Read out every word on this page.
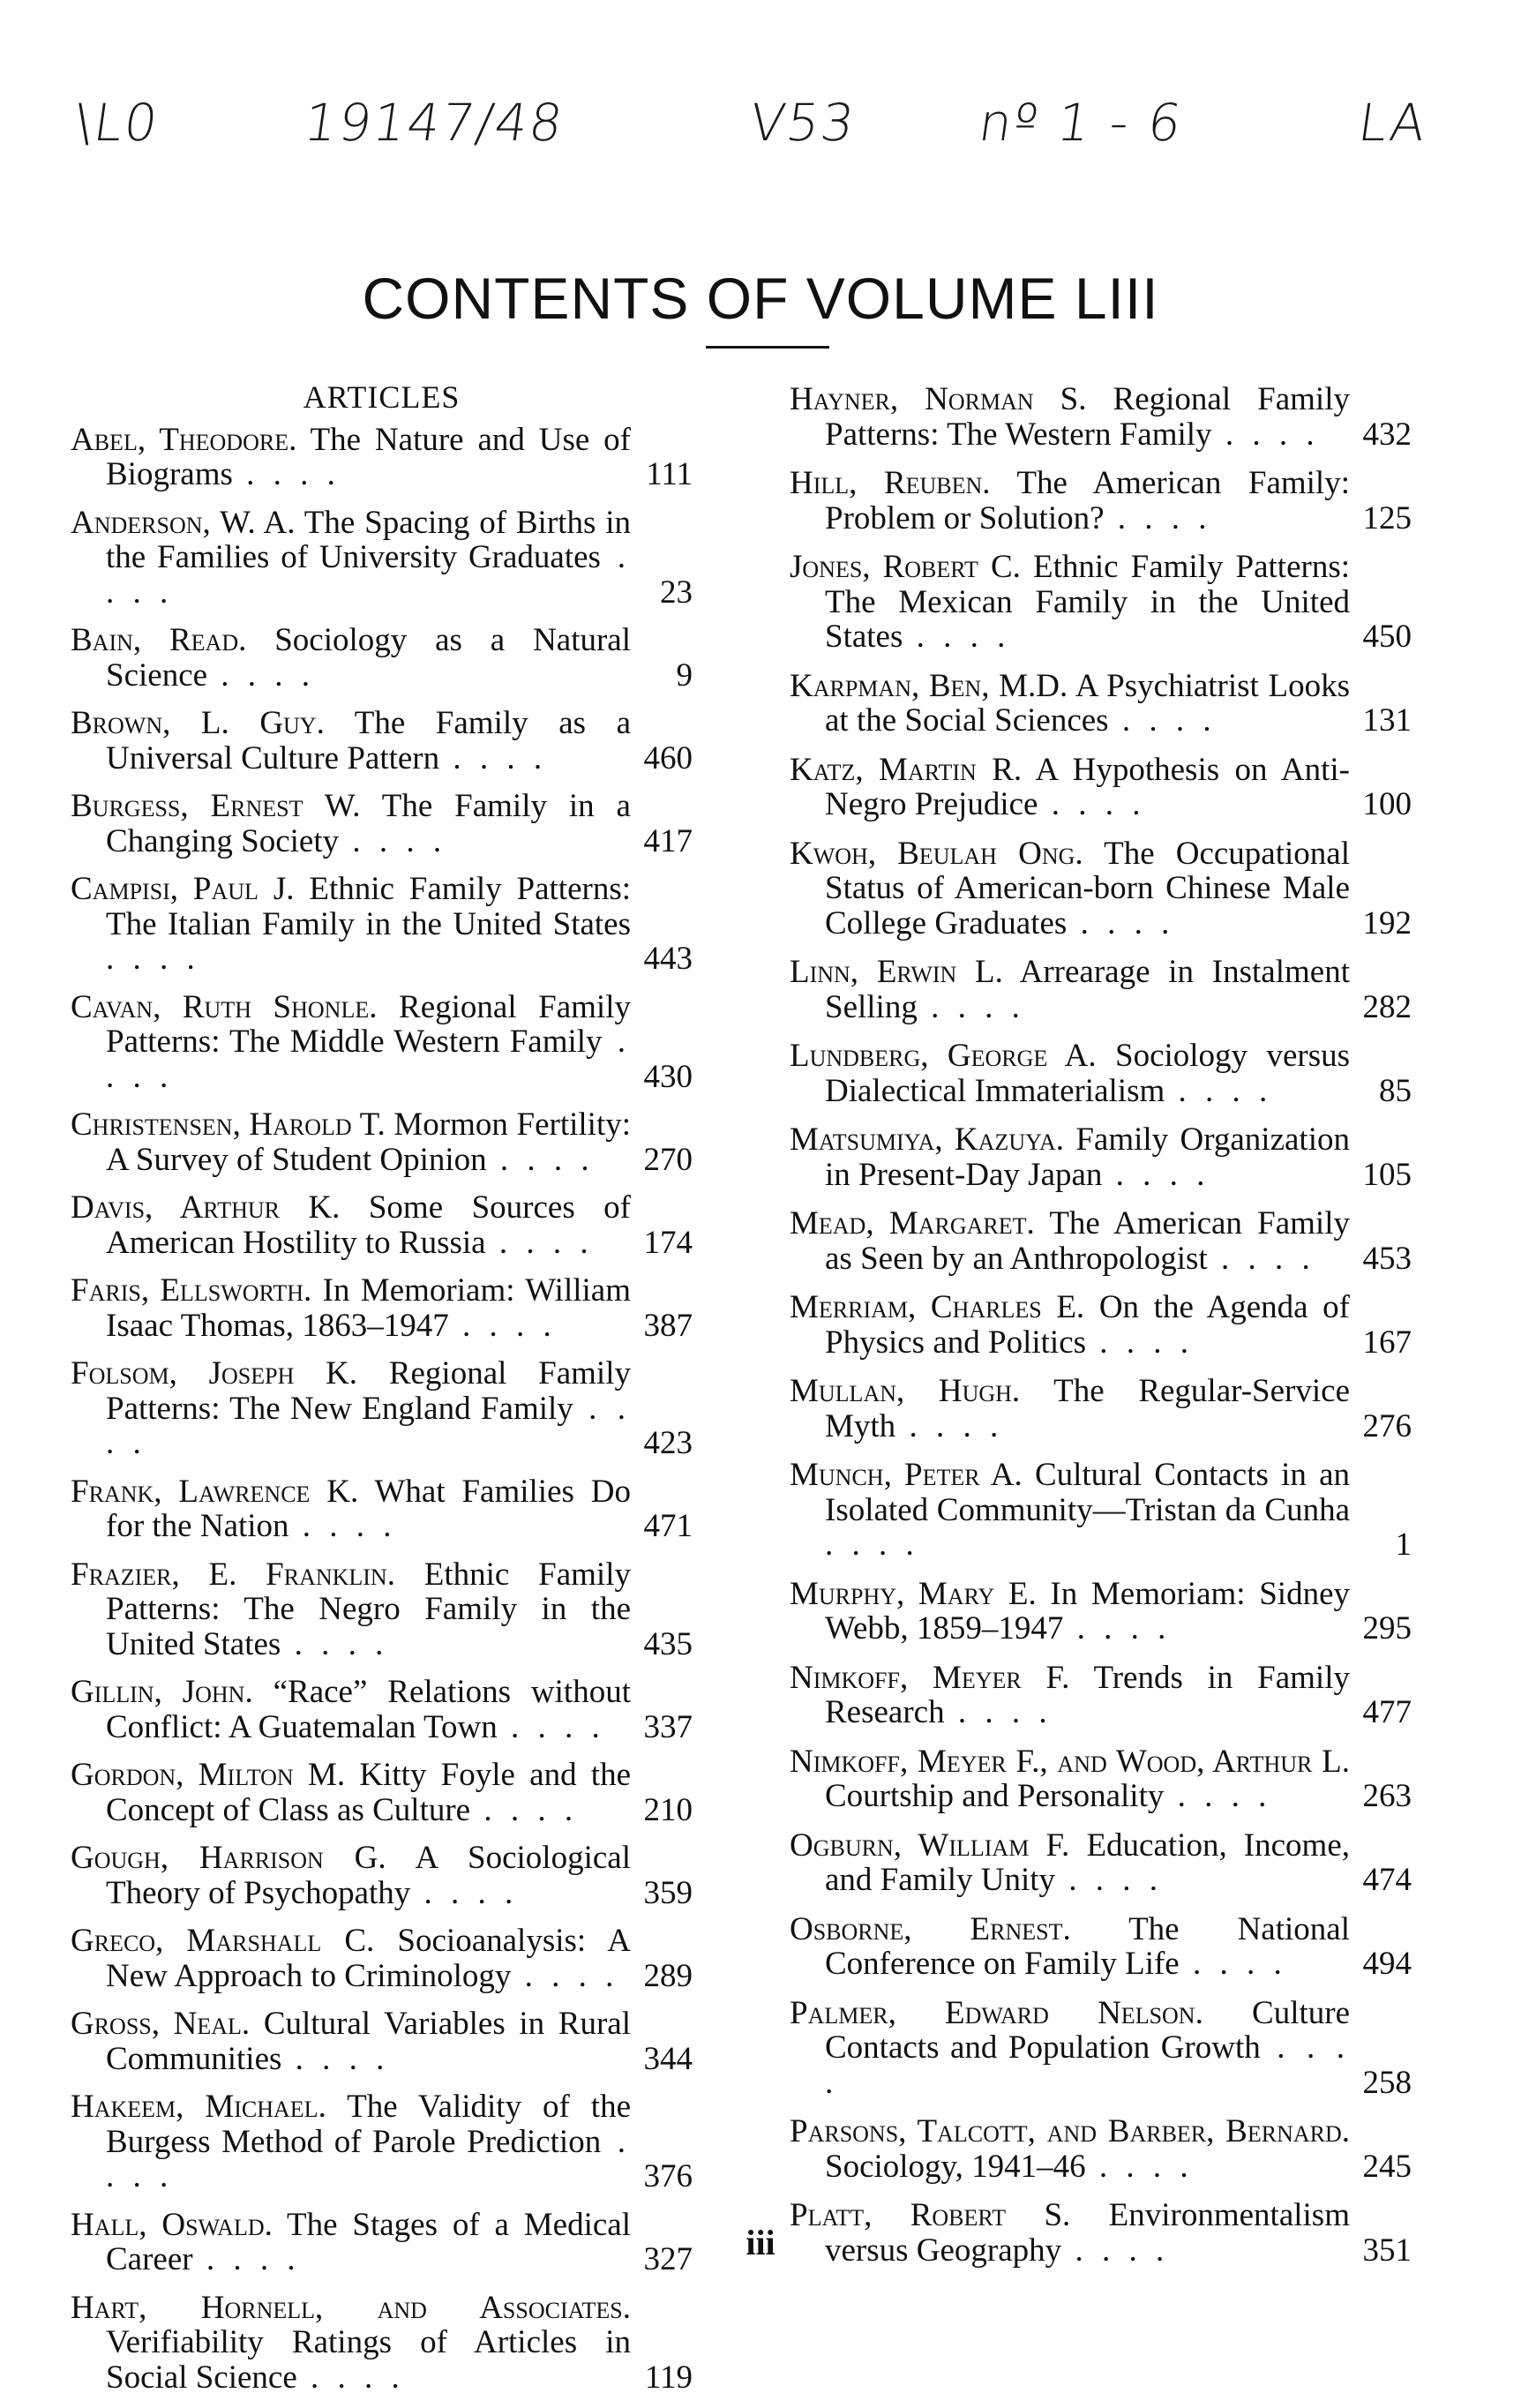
\L0	19147/48	V53 nº 1 - 6	LA
CONTENTS OF VOLUME LIII
ARTICLES
Abel, Theodore. The Nature and Use of Biograms . . . .	111
Anderson, W. A. The Spacing of Births in the Families of University Graduates . . . .	23
Bain, Read. Sociology as a Natural Science . . . .	9
Brown, L. Guy. The Family as a Universal Culture Pattern . . . .	460
Burgess, Ernest W. The Family in a Changing Society . . . .	417
Campisi, Paul J. Ethnic Family Patterns: The Italian Family in the United States . . . .	443
Cavan, Ruth Shonle. Regional Family Patterns: The Middle Western Family . . . .	430
Christensen, Harold T. Mormon Fertility: A Survey of Student Opinion . . . .	270
Davis, Arthur K. Some Sources of American Hostility to Russia . . . .	174
Faris, Ellsworth. In Memoriam: William Isaac Thomas, 1863–1947 . . . .	387
Folsom, Joseph K. Regional Family Patterns: The New England Family . . . .	423
Frank, Lawrence K. What Families Do for the Nation . . . .	471
Frazier, E. Franklin. Ethnic Family Patterns: The Negro Family in the United States . . . .	435
Gillin, John. “Race” Relations without Conflict: A Guatemalan Town . . . .	337
Gordon, Milton M. Kitty Foyle and the Concept of Class as Culture . . . .	210
Gough, Harrison G. A Sociological Theory of Psychopathy . . . .	359
Greco, Marshall C. Socioanalysis: A New Approach to Criminology . . . . 289
Gross, Neal. Cultural Variables in Rural Communities . . . .	344
Hakeem, Michael. The Validity of the Burgess Method of Parole Prediction . . . .	376
Hall, Oswald. The Stages of a Medical Career . . . .	327
Hart, Hornell, and Associates. Verifiability Ratings of Articles in Social Science . . . .	119
Hayner, Norman S. Regional Family Patterns: The Western Family . . . .	432
Hill, Reuben. The American Family: Problem or Solution? . . . .	125
Jones, Robert C. Ethnic Family Patterns: The Mexican Family in the United States . . . .	450
Karpman, Ben, M.D. A Psychiatrist Looks at the Social Sciences . . . .	131
Katz, Martin R. A Hypothesis on Anti-Negro Prejudice . . . .	100
Kwoh, Beulah Ong. The Occupational Status of American-born Chinese Male College Graduates . . . .	192
Linn, Erwin L. Arrearage in Instalment Selling . . . .	282
Lundberg, George A. Sociology versus Dialectical Immaterialism . . . .	85
Matsumiya, Kazuya. Family Organization in Present-Day Japan . . . .	105
Mead, Margaret. The American Family as Seen by an Anthropologist . . . .	453
Merriam, Charles E. On the Agenda of Physics and Politics . . . .	167
Mullan, Hugh. The Regular-Service Myth . . . .	276
Munch, Peter A. Cultural Contacts in an Isolated Community—Tristan da Cunha . . . .	1
Murphy, Mary E. In Memoriam: Sidney Webb, 1859–1947 . . . .	295
Nimkoff, Meyer F. Trends in Family Research . . . .	477
Nimkoff, Meyer F., and Wood, Arthur L. Courtship and Personality . . . .	263
Ogburn, William F. Education, Income, and Family Unity . . . .	474
Osborne, Ernest. The National Conference on Family Life . . . .	494
Palmer, Edward Nelson. Culture Contacts and Population Growth . . . .	258
Parsons, Talcott, and Barber, Bernard. Sociology, 1941–46 . . . .	245
Platt, Robert S. Environmentalism versus Geography . . . .	351
iii
